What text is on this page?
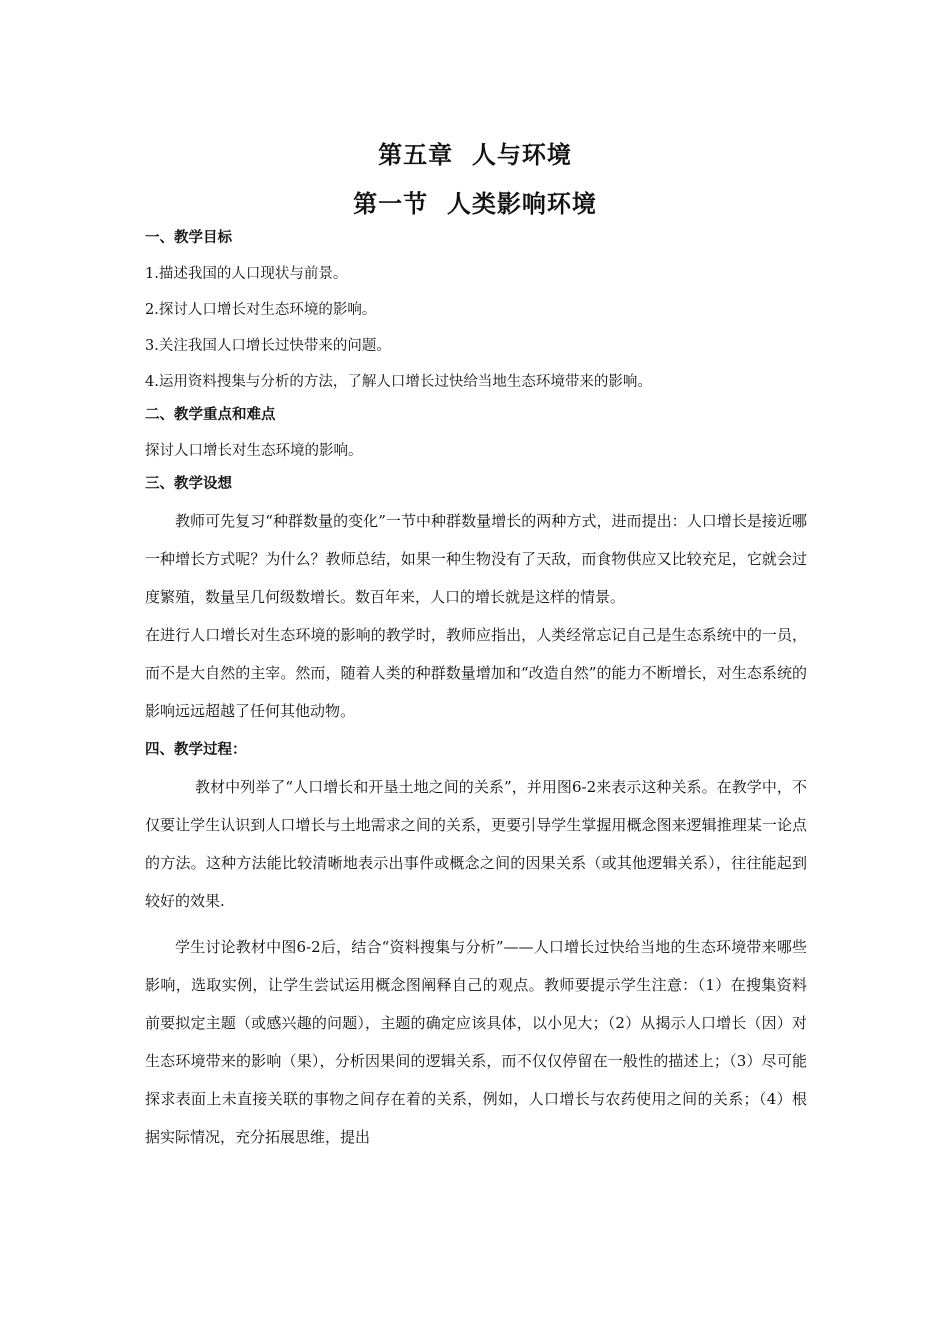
第五章  人与环境
第一节  人类影响环境

一、教学目标

1.描述我国的人口现状与前景。

2.探讨人口增长对生态环境的影响。

3.关注我国人口增长过快带来的问题。

4.运用资料搜集与分析的方法，了解人口增长过快给当地生态环境带来的影响。

二、教学重点和难点

探讨人口增长对生态环境的影响。

三、教学设想

教师可先复习“种群数量的变化”一节中种群数量增长的两种方式，进而提出：人口增长是接近哪一种增长方式呢？为什么？教师总结，如果一种生物没有了天敌，而食物供应又比较充足，它就会过度繁殖，数量呈几何级数增长。数百年来，人口的增长就是这样的情景。

在进行人口增长对生态环境的影响的教学时，教师应指出，人类经常忘记自己是生态系统中的一员，而不是大自然的主宰。然而，随着人类的种群数量增加和“改造自然”的能力不断增长，对生态系统的影响远远超越了任何其他动物。

四、教学过程：

教材中列举了“人口增长和开垦土地之间的关系”，并用图6-2来表示这种关系。在教学中，不仅要让学生认识到人口增长与土地需求之间的关系，更要引导学生掌握用概念图来逻辑推理某一论点的方法。这种方法能比较清晰地表示出事件或概念之间的因果关系（或其他逻辑关系），往往能起到较好的效果.

学生讨论教材中图6-2后，结合“资料搜集与分析”——人口增长过快给当地的生态环境带来哪些影响，选取实例，让学生尝试运用概念图阐释自己的观点。教师要提示学生注意：（1）在搜集资料前要拟定主题（或感兴趣的问题），主题的确定应该具体，以小见大；（2）从揭示人口增长（因）对生态环境带来的影响（果），分析因果间的逻辑关系，而不仅仅停留在一般性的描述上；（3）尽可能探求表面上未直接关联的事物之间存在着的关系，例如，人口增长与农药使用之间的关系；（4）根据实际情况，充分拓展思维，提出
